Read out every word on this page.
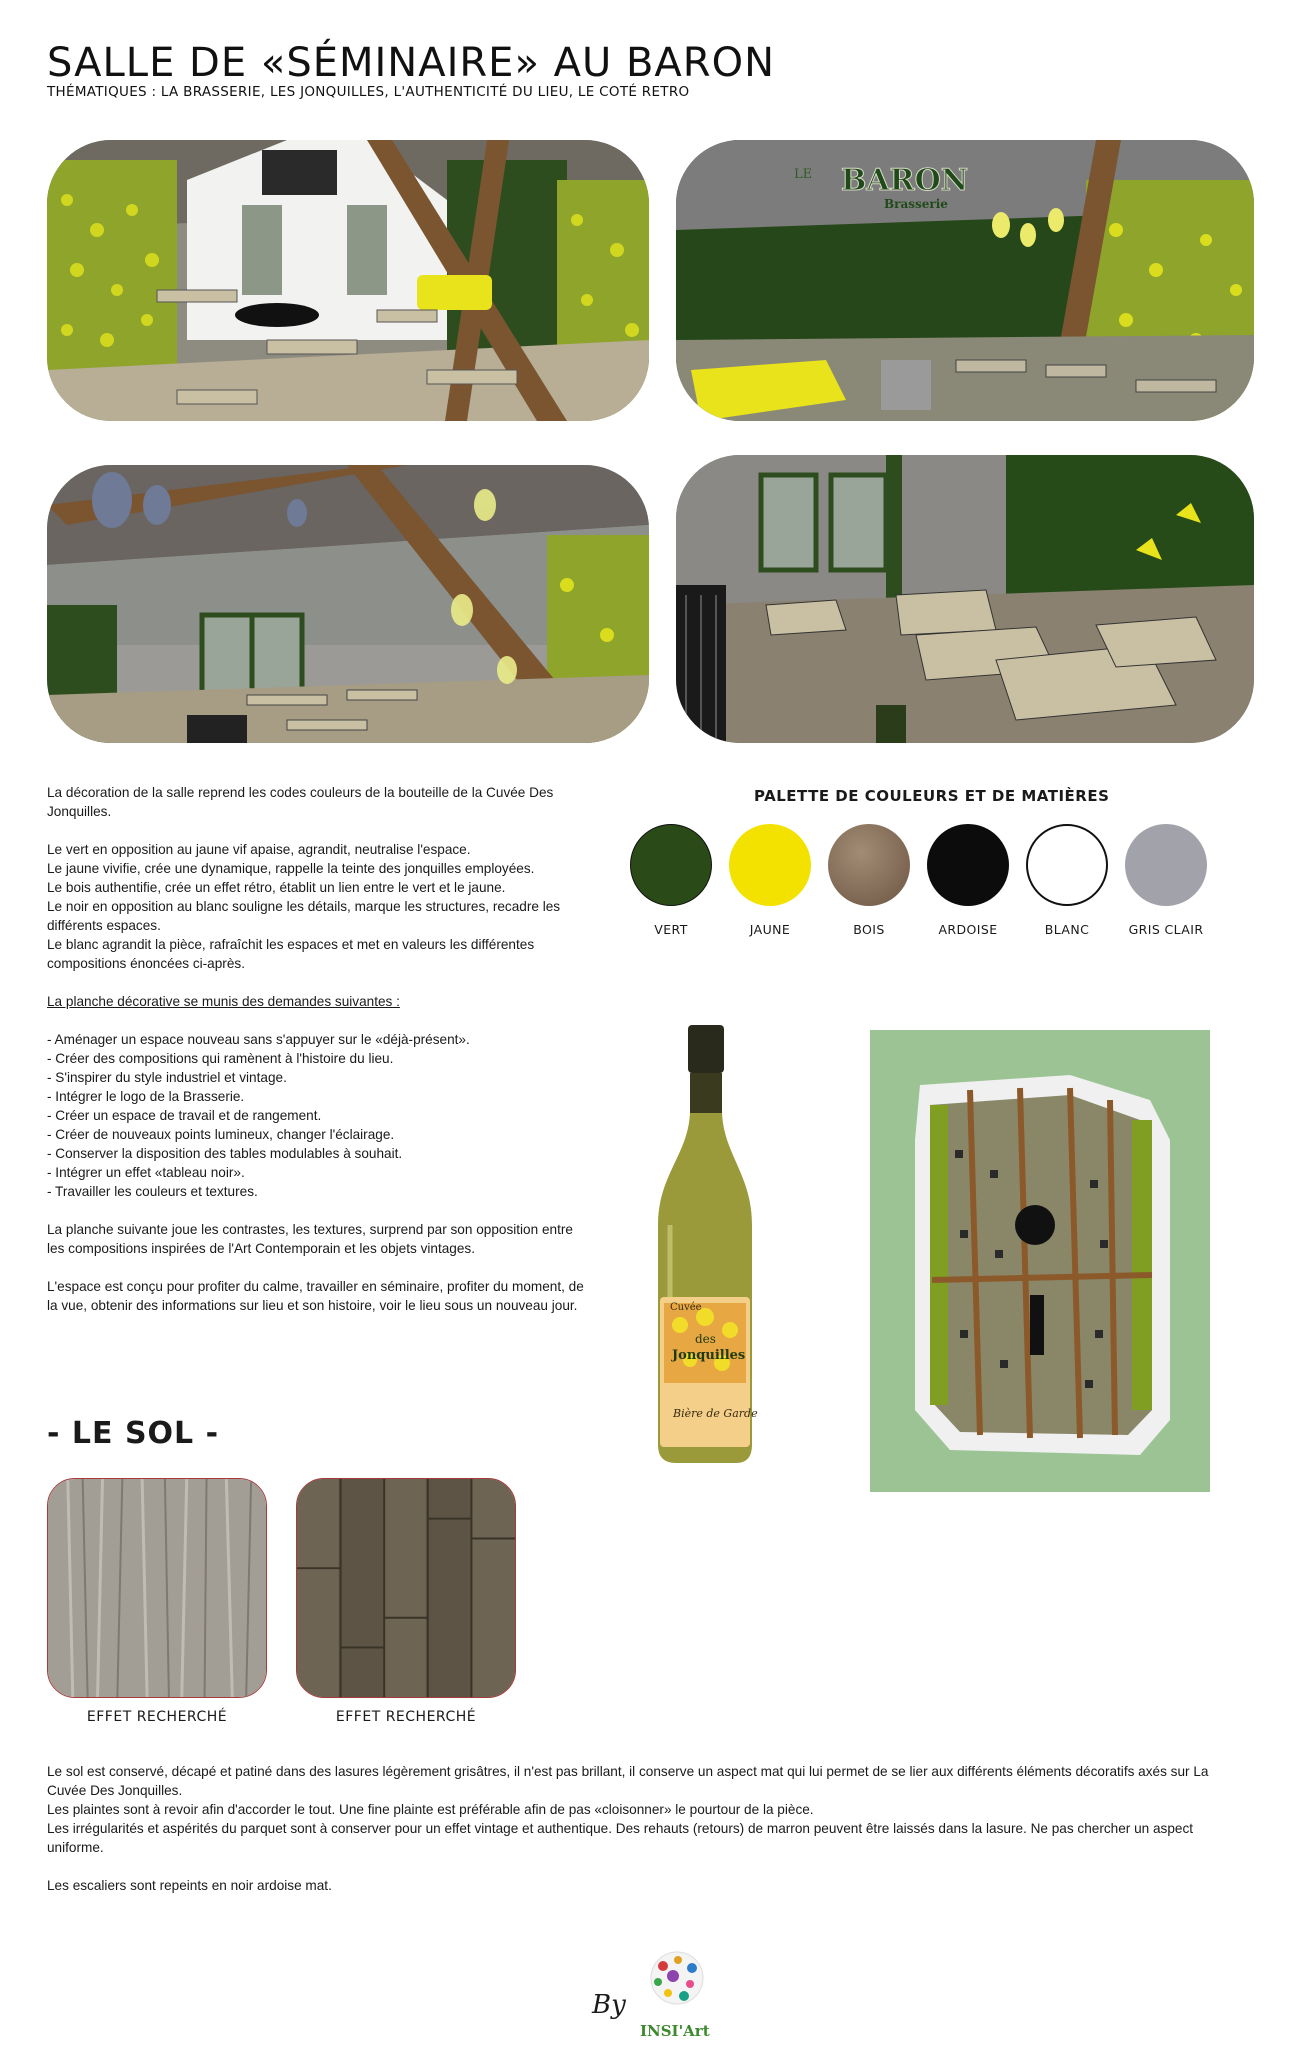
SALLE DE «SÉMINAIRE» AU BARON
THÉMATIQUES : LA BRASSERIE, LES JONQUILLES, L'AUTHENTICITÉ DU LIEU, LE COTÉ RETRO
LE BARON
Brasserie

La décoration de la salle reprend les codes couleurs de la bouteille de la Cuvée Des Jonquilles.

Le vert en opposition au jaune vif apaise, agrandit, neutralise l'espace.
Le jaune vivifie, crée une dynamique, rappelle la teinte des jonquilles employées.
Le bois authentifie, crée un effet rétro, établit un lien entre le vert et le jaune.
Le noir en opposition au blanc souligne les détails, marque les structures, recadre les différents espaces.
Le blanc agrandit la pièce, rafraîchit les espaces et met en valeurs les différentes compositions énoncées ci-après.

La planche décorative se munis des demandes suivantes :

- Aménager un espace nouveau sans s'appuyer sur le «déjà-présent».
- Créer des compositions qui ramènent à l'histoire du lieu.
- S'inspirer du style industriel et vintage.
- Intégrer le logo de la Brasserie.
- Créer un espace de travail et de rangement.
- Créer de nouveaux points lumineux, changer l'éclairage.
- Conserver la disposition des tables modulables à souhait.
- Intégrer un effet «tableau noir».
- Travailler les couleurs et textures.

La planche suivante joue les contrastes, les textures, surprend par son opposition entre les compositions inspirées de l'Art Contemporain et les objets vintages.

L'espace est conçu pour profiter du calme, travailler en séminaire, profiter du moment, de la vue, obtenir des informations sur lieu et son histoire, voir le lieu sous un nouveau jour.

PALETTE DE COULEURS ET DE MATIÈRES
VERT	JAUNE	BOIS	ARDOISE	BLANC	GRIS CLAIR
Cuvée
des
Jonquilles
Bière de Garde
- LE SOL -
EFFET RECHERCHÉ	EFFET RECHERCHÉ

Le sol est conservé, décapé et patiné dans des lasures légèrement grisâtres, il n'est pas brillant, il conserve un aspect mat qui lui permet de se lier aux différents éléments décoratifs axés sur La Cuvée Des Jonquilles.
Les plaintes sont à revoir afin d'accorder le tout. Une fine plainte est préférable afin de pas «cloisonner» le pourtour de la pièce.
Les irrégularités et aspérités du parquet sont à conserver pour un effet vintage et authentique. Des rehauts (retours) de marron peuvent être laissés dans la lasure. Ne pas chercher un aspect uniforme.

Les escaliers sont repeints en noir ardoise mat.

By
INSI'Art
